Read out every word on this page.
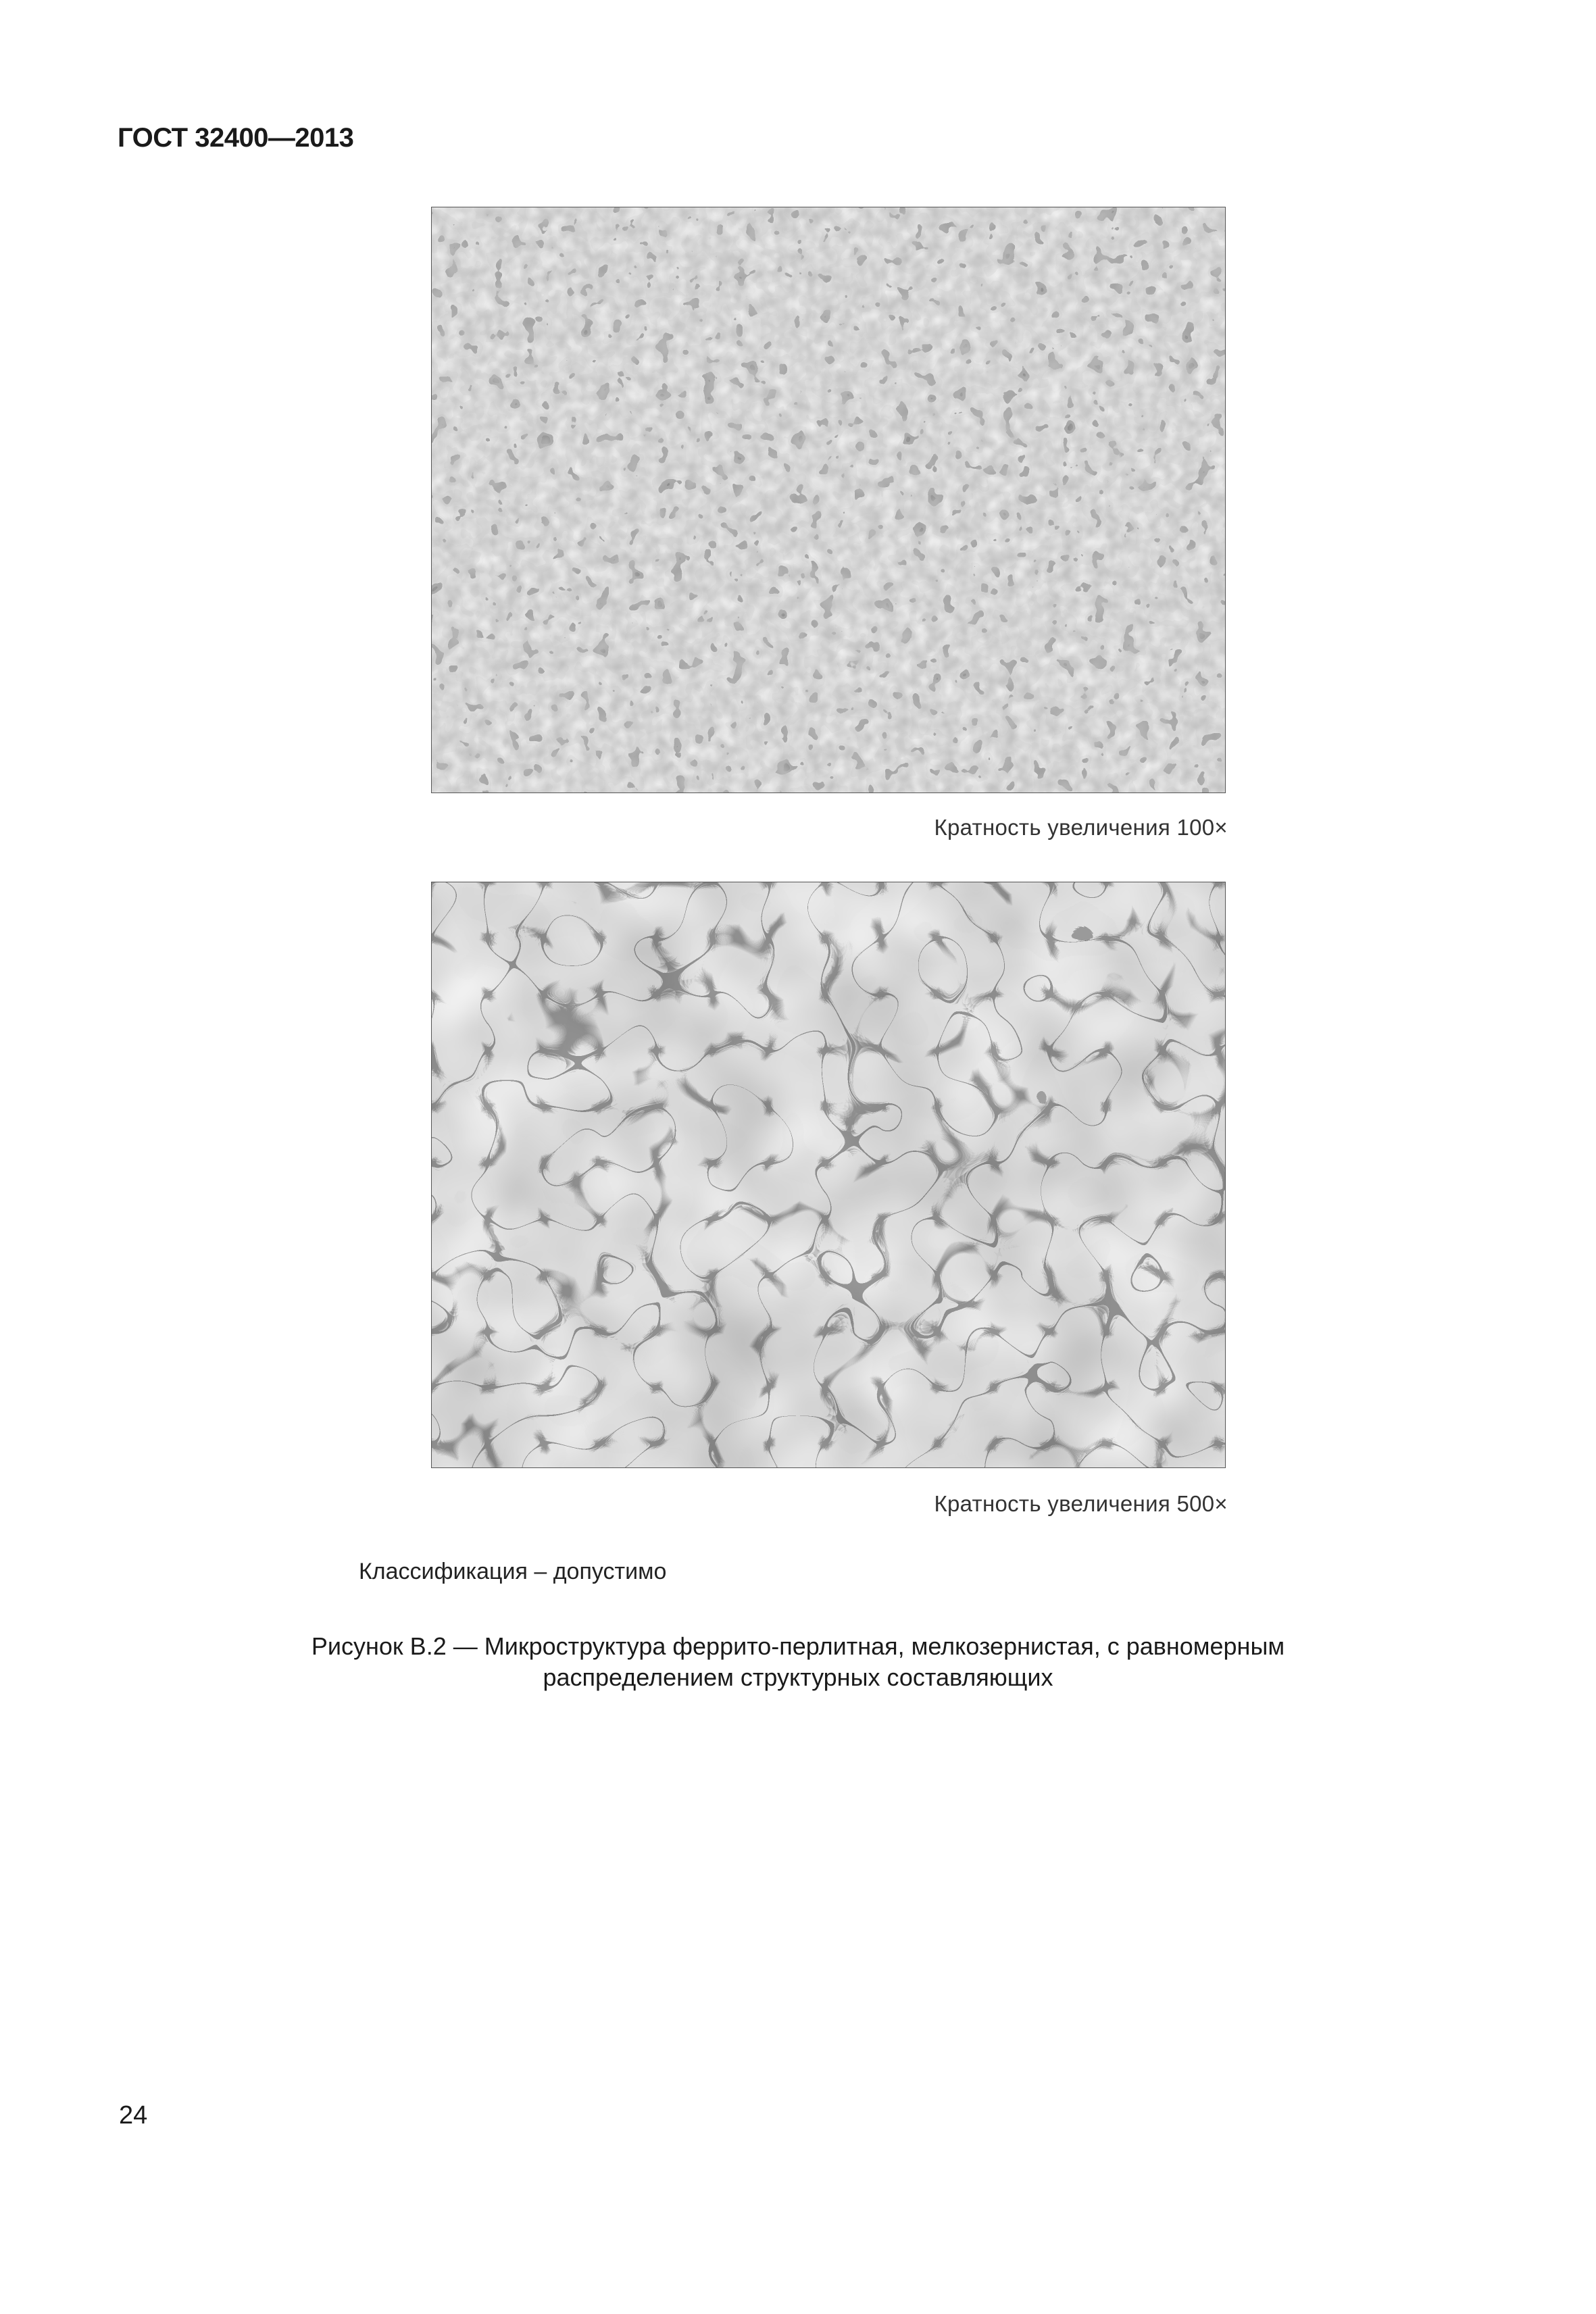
ГОСТ 32400—2013
Кратность увеличения 100×
Кратность увеличения 500×
Классификация – допустимо
Рисунок В.2 — Микроструктура феррито-перлитная, мелкозернистая, с равномерным
распределением структурных составляющих
24
